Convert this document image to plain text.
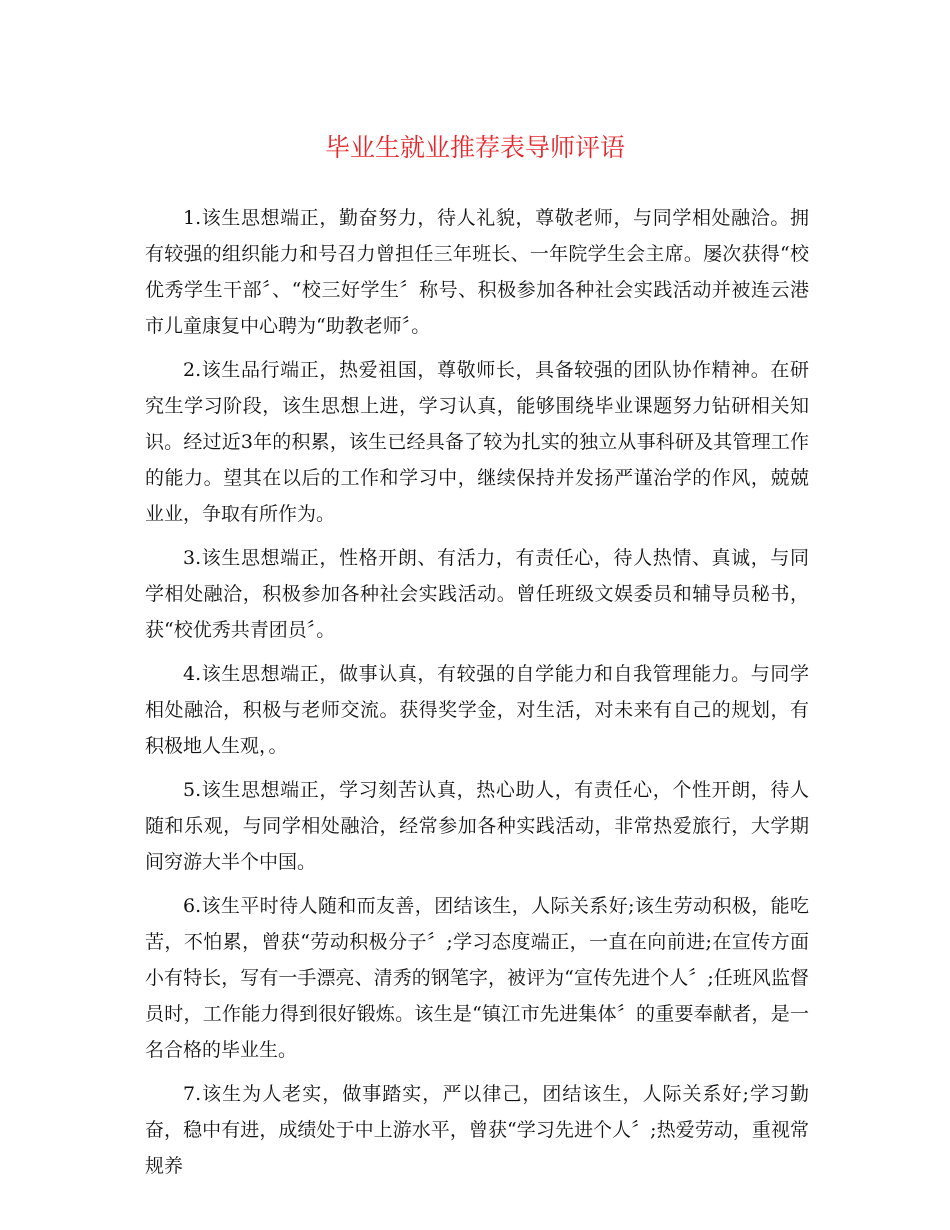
毕业生就业推荐表导师评语

1.该生思想端正，勤奋努力，待人礼貌，尊敬老师，与同学相处融洽。拥有较强的组织能力和号召力曾担任三年班长、一年院学生会主席。屡次获得“校优秀学生干部〞、“校三好学生〞称号、积极参加各种社会实践活动并被连云港市儿童康复中心聘为“助教老师〞。

2.该生品行端正，热爱祖国，尊敬师长，具备较强的团队协作精神。在研究生学习阶段，该生思想上进，学习认真，能够围绕毕业课题努力钻研相关知识。经过近3年的积累，该生已经具备了较为扎实的独立从事科研及其管理工作的能力。望其在以后的工作和学习中，继续保持并发扬严谨治学的作风，兢兢业业，争取有所作为。

3.该生思想端正，性格开朗、有活力，有责任心，待人热情、真诚，与同学相处融洽，积极参加各种社会实践活动。曾任班级文娱委员和辅导员秘书，获“校优秀共青团员〞。

4.该生思想端正，做事认真，有较强的自学能力和自我管理能力。与同学相处融洽，积极与老师交流。获得奖学金，对生活，对未来有自己的规划，有积极地人生观，。

5.该生思想端正，学习刻苦认真，热心助人，有责任心，个性开朗，待人随和乐观，与同学相处融洽，经常参加各种实践活动，非常热爱旅行，大学期间穷游大半个中国。

6.该生平时待人随和而友善，团结该生，人际关系好;该生劳动积极，能吃苦，不怕累，曾获“劳动积极分子〞;学习态度端正，一直在向前进;在宣传方面小有特长，写有一手漂亮、清秀的钢笔字，被评为“宣传先进个人〞;任班风监督员时，工作能力得到很好锻炼。该生是“镇江市先进集体〞的重要奉献者，是一名合格的毕业生。

7.该生为人老实，做事踏实，严以律己，团结该生，人际关系好;学习勤奋，稳中有进，成绩处于中上游水平，曾获“学习先进个人〞;热爱劳动，重视常规养
